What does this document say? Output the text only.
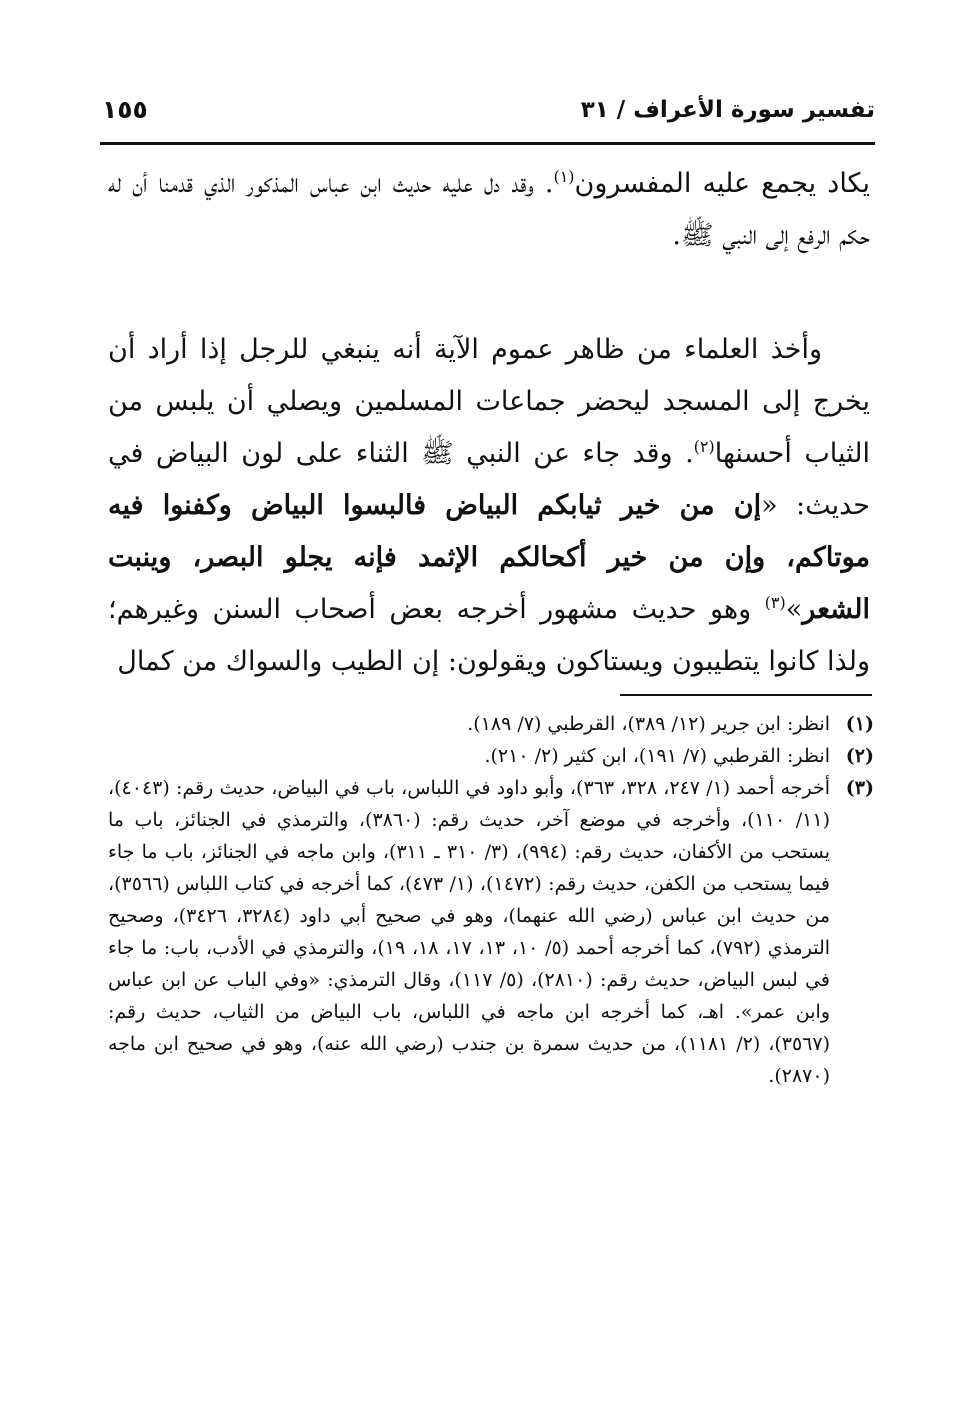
تفسير سورة الأعراف / ٣١
١٥٥

يكاد يجمع عليه المفسرون$^{(١)}$. وقد دل عليه حديث ابن عباس المذكور الذي قدمنا أن له حكم الرفع إلى النبي ﷺ.

وأخذ العلماء من ظاهر عموم الآية أنه ينبغي للرجل إذا أراد أن يخرج إلى المسجد ليحضر جماعات المسلمين ويصلي أن يلبس من الثياب أحسنها$^{(٢)}$. وقد جاء عن النبي ﷺ الثناء على لون البياض في حديث: «إن من خير ثيابكم البياض فالبسوا البياض وكفنوا فيه موتاكم، وإن من خير أكحالكم الإثمد فإنه يجلو البصر، وينبت الشعر»$^{(٣)}$ وهو حديث مشهور أخرجه بعض أصحاب السنن وغيرهم؛ ولذا كانوا يتطيبون ويستاكون ويقولون: إن الطيب والسواك من كمال

(١)
انظر: ابن جرير (١٢/ ٣٨٩)، القرطبي (٧/ ١٨٩).
(٢)
انظر: القرطبي (٧/ ١٩١)، ابن كثير (٢/ ٢١٠).
(٣)
أخرجه أحمد (١/ ٢٤٧، ٣٢٨، ٣٦٣)، وأبو داود في اللباس، باب في البياض، حديث رقم: (٤٠٤٣)، (١١/ ١١٠)، وأخرجه في موضع آخر، حديث رقم: (٣٨٦٠)، والترمذي في الجنائز، باب ما يستحب من الأكفان، حديث رقم: (٩٩٤)، (٣/ ٣١٠ ـ ٣١١)، وابن ماجه في الجنائز، باب ما جاء فيما يستحب من الكفن، حديث رقم: (١٤٧٢)، (١/ ٤٧٣)، كما أخرجه في كتاب اللباس (٣٥٦٦)، من حديث ابن عباس (رضي الله عنهما)، وهو في صحيح أبي داود (٣٢٨٤، ٣٤٢٦)، وصحيح الترمذي (٧٩٢)، كما أخرجه أحمد (٥/ ١٠، ١٣، ١٧، ١٨، ١٩)، والترمذي في الأدب، باب: ما جاء في لبس البياض، حديث رقم: (٢٨١٠)، (٥/ ١١٧)، وقال الترمذي: «وفي الباب عن ابن عباس وابن عمر». اهـ، كما أخرجه ابن ماجه في اللباس، باب البياض من الثياب، حديث رقم: (٣٥٦٧)، (٢/ ١١٨١)، من حديث سمرة بن جندب (رضي الله عنه)، وهو في صحيح ابن ماجه (٢٨٧٠).
